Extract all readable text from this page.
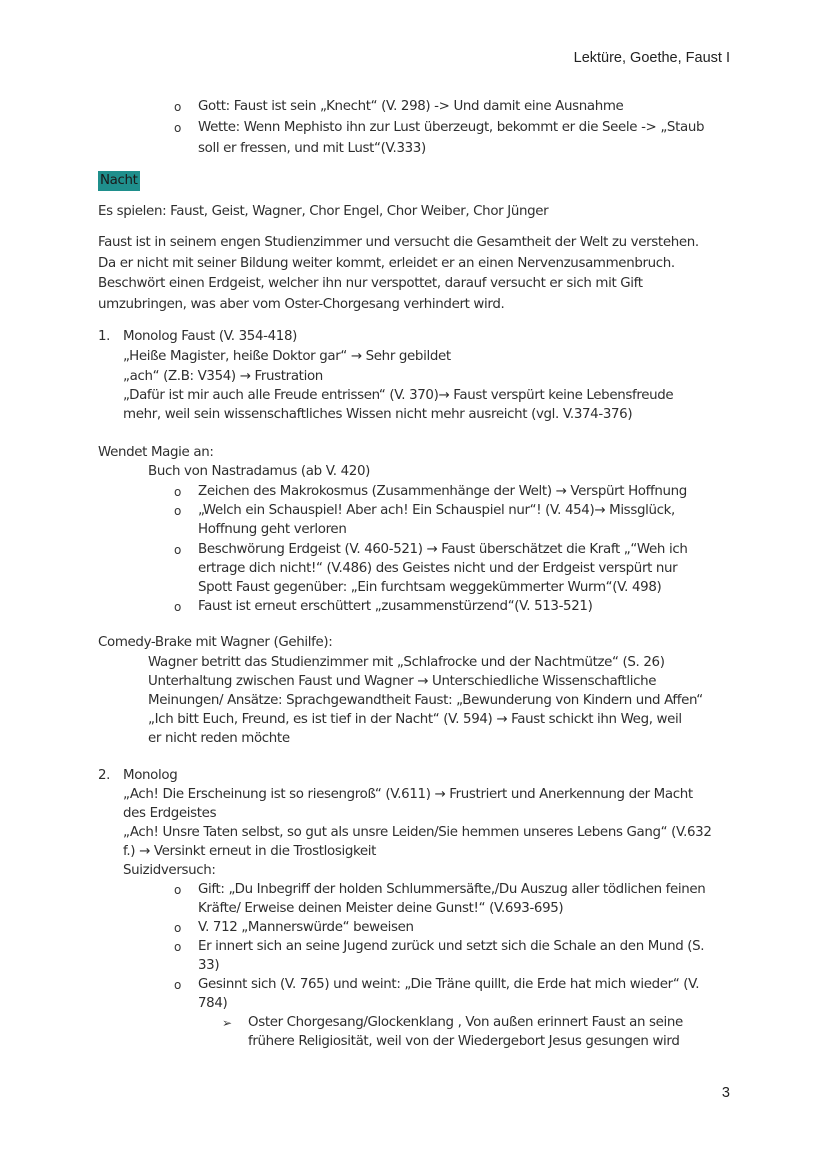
Lektüre, Goethe, Faust I
o Gott: Faust ist sein „Knecht“ (V. 298) -> Und damit eine Ausnahme
o Wette: Wenn Mephisto ihn zur Lust überzeugt, bekommt er die Seele -> „Staub
soll er fressen, und mit Lust“(V.333)
Nacht
Es spielen: Faust, Geist, Wagner, Chor Engel, Chor Weiber, Chor Jünger
Faust ist in seinem engen Studienzimmer und versucht die Gesamtheit der Welt zu verstehen.
Da er nicht mit seiner Bildung weiter kommt, erleidet er an einen Nervenzusammenbruch.
Beschwört einen Erdgeist, welcher ihn nur verspottet, darauf versucht er sich mit Gift
umzubringen, was aber vom Oster-Chorgesang verhindert wird.
1. Monolog Faust (V. 354-418)
„Heiße Magister, heiße Doktor gar“ → Sehr gebildet
„ach“ (Z.B: V354) → Frustration
„Dafür ist mir auch alle Freude entrissen“ (V. 370)→ Faust verspürt keine Lebensfreude
mehr, weil sein wissenschaftliches Wissen nicht mehr ausreicht (vgl. V.374-376)
Wendet Magie an:
Buch von Nastradamus (ab V. 420)
o Zeichen des Makrokosmus (Zusammenhänge der Welt) → Verspürt Hoffnung
o „Welch ein Schauspiel! Aber ach! Ein Schauspiel nur“! (V. 454)→ Missglück,
Hoffnung geht verloren
o Beschwörung Erdgeist (V. 460-521) → Faust überschätzet die Kraft „“Weh ich
ertrage dich nicht!“ (V.486) des Geistes nicht und der Erdgeist verspürt nur
Spott Faust gegenüber: „Ein furchtsam weggekümmerter Wurm“(V. 498)
o Faust ist erneut erschüttert „zusammenstürzend“(V. 513-521)
Comedy-Brake mit Wagner (Gehilfe):
Wagner betritt das Studienzimmer mit „Schlafrocke und der Nachtmütze“ (S. 26)
Unterhaltung zwischen Faust und Wagner → Unterschiedliche Wissenschaftliche
Meinungen/ Ansätze: Sprachgewandtheit Faust: „Bewunderung von Kindern und Affen“
„Ich bitt Euch, Freund, es ist tief in der Nacht“ (V. 594) → Faust schickt ihn Weg, weil
er nicht reden möchte
2. Monolog
„Ach! Die Erscheinung ist so riesengroß“ (V.611) → Frustriert und Anerkennung der Macht
des Erdgeistes
„Ach! Unsre Taten selbst, so gut als unsre Leiden/Sie hemmen unseres Lebens Gang“ (V.632
f.) → Versinkt erneut in die Trostlosigkeit
Suizidversuch:
o Gift: „Du Inbegriff der holden Schlummersäfte,/Du Auszug aller tödlichen feinen
Kräfte/ Erweise deinen Meister deine Gunst!“ (V.693-695)
o V. 712 „Mannerswürde“ beweisen
o Er innert sich an seine Jugend zurück und setzt sich die Schale an den Mund (S.
33)
o Gesinnt sich (V. 765) und weint: „Die Träne quillt, die Erde hat mich wieder“ (V.
784)
➢ Oster Chorgesang/Glockenklang , Von außen erinnert Faust an seine
frühere Religiosität, weil von der Wiedergebort Jesus gesungen wird
3
